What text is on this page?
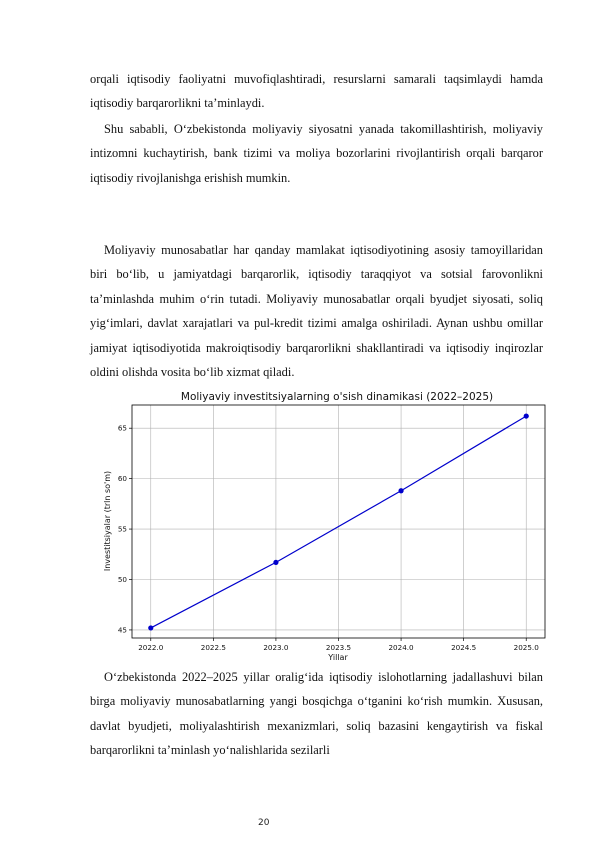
orqali iqtisodiy faoliyatni muvofiqlashtiradi, resurslarni samarali taqsimlaydi hamda iqtisodiy barqarorlikni ta’minlaydi.

Shu sababli, O‘zbekistonda moliyaviy siyosatni yanada takomillashtirish, moliyaviy intizomni kuchaytirish, bank tizimi va moliya bozorlarini rivojlantirish orqali barqaror iqtisodiy rivojlanishga erishish mumkin.

Moliyaviy munosabatlar har qanday mamlakat iqtisodiyotining asosiy tamoyillaridan biri bo‘lib, u jamiyatdagi barqarorlik, iqtisodiy taraqqiyot va sotsial farovonlikni ta’minlashda muhim o‘rin tutadi. Moliyaviy munosabatlar orqali byudjet siyosati, soliq yig‘imlari, davlat xarajatlari va pul-kredit tizimi amalga oshiriladi. Aynan ushbu omillar jamiyat iqtisodiyotida makroiqtisodiy barqarorlikni shakllantiradi va iqtisodiy inqirozlar oldini olishda vosita bo‘lib xizmat qiladi.

Moliyaviy investitsiyalarning o'sish dinamikasi (2022–2025)
2022.0	2022.5	2023.0	2023.5	2024.0	2024.5	2025.0
45
50
55
60
65
Yillar
Investitsiyalar (trln so'm)

O‘zbekistonda 2022–2025 yillar oralig‘ida iqtisodiy islohotlarning jadallashuvi bilan birga moliyaviy munosabatlarning yangi bosqichga o‘tganini ko‘rish mumkin. Xususan, davlat byudjeti, moliyalashtirish mexanizmlari, soliq bazasini kengaytirish va fiskal barqarorlikni ta’minlash yo‘nalishlarida sezilarli

20
